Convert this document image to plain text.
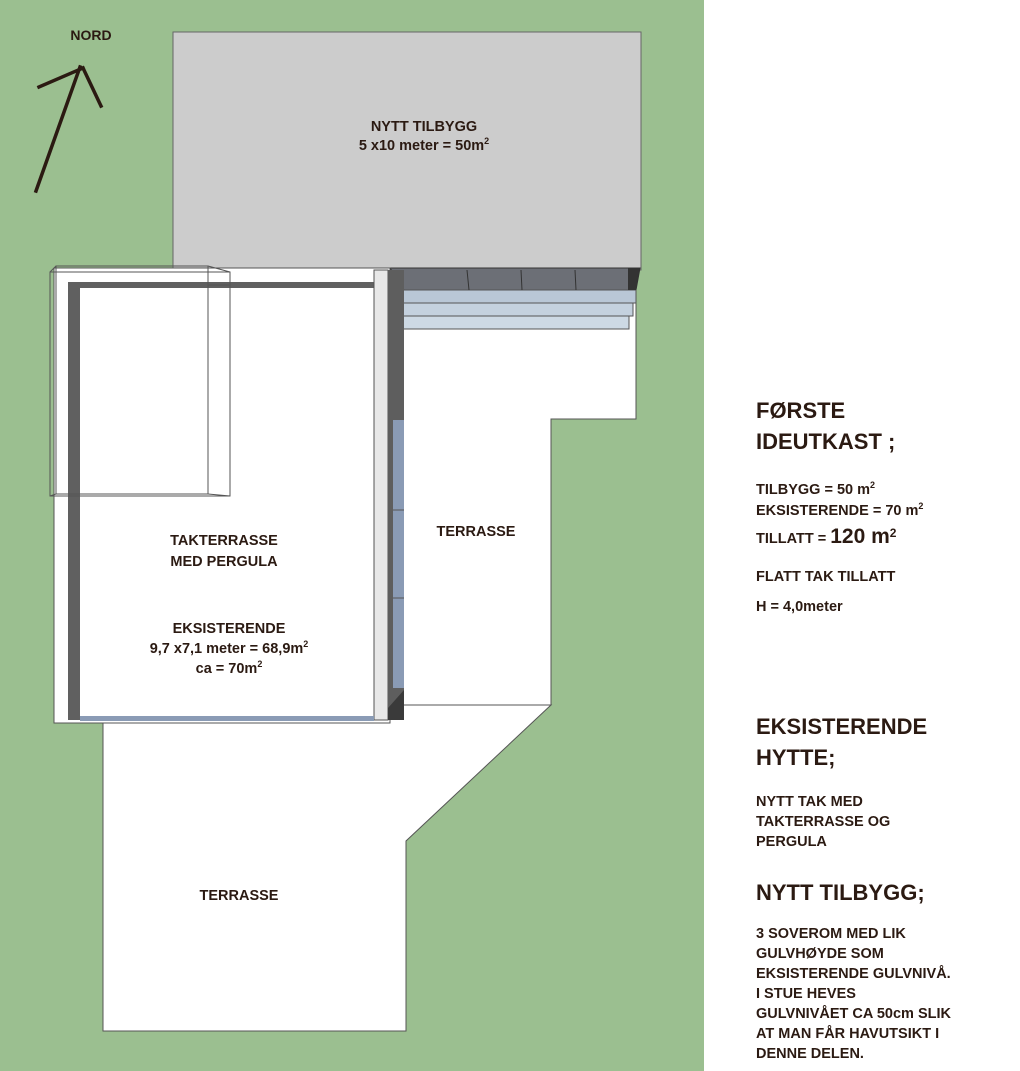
NORD
NYTT TILBYGG
5 x10 meter = $50m^2$
TERRASSE
TERRASSE
TAKTERRASSE
MED PERGULA
EKSISTERENDE
9,7 x7,1 meter = $68,9m^2$
ca = $70m^2$
FØRSTE
IDEUTKAST ;
TILBYGG = 50 $m^2$
EKSISTERENDE = 70 $m^2$
TILLATT = 120 $m^2$
FLATT TAK TILLATT
H = 4,0meter
EKSISTERENDE
HYTTE;
NYTT TAK MED
TAKTERRASSE OG
PERGULA
NYTT TILBYGG;
3 SOVEROM MED LIK
GULVHØYDE SOM
EKSISTERENDE GULVNIVÅ.
I STUE HEVES
GULVNIVÅET CA 50cm SLIK
AT MAN FÅR HAVUTSIKT I
DENNE DELEN.
